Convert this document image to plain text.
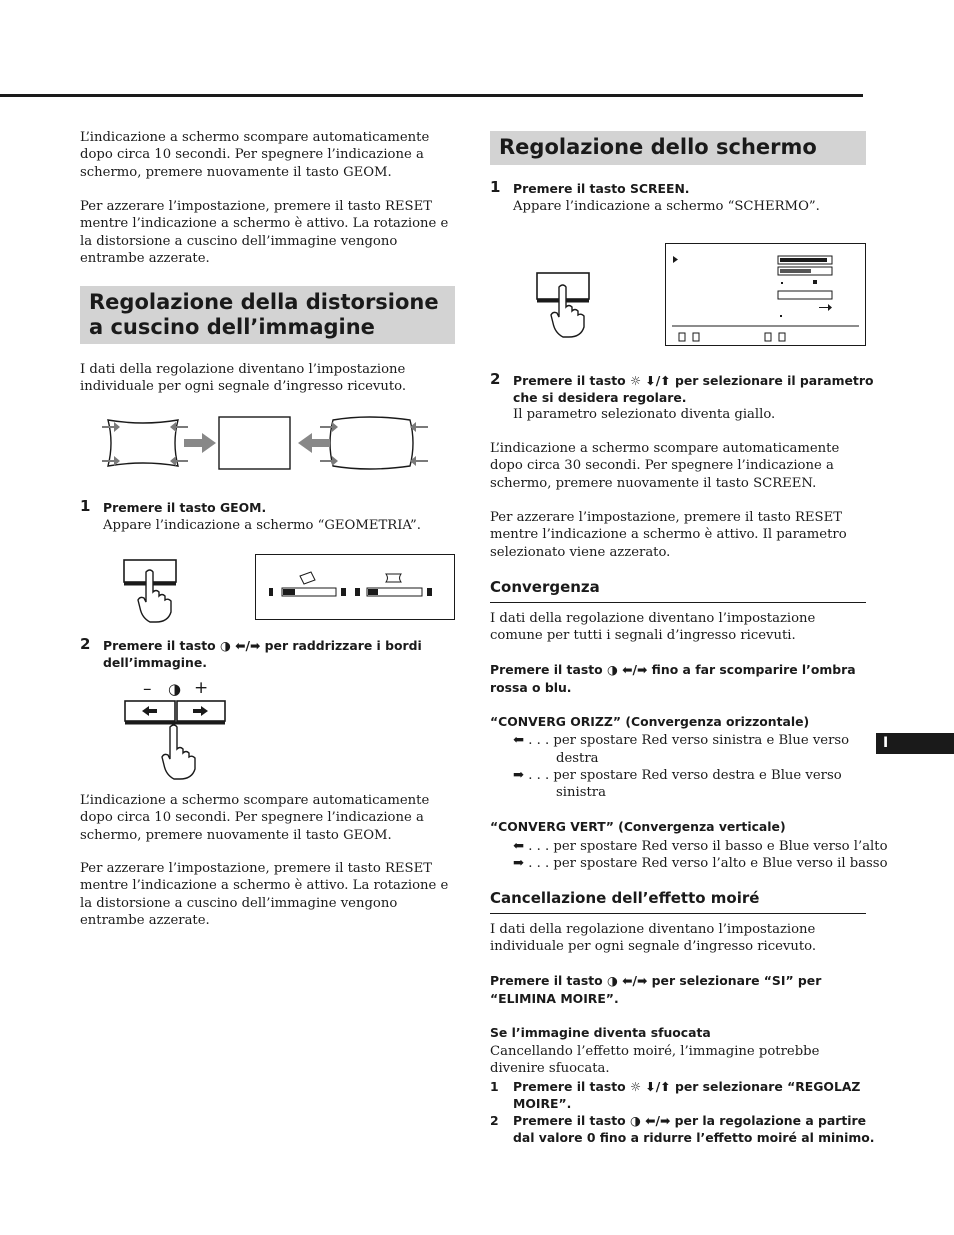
L’indicazione a schermo scompare automaticamente dopo circa 10 secondi. Per spegnere l’indicazione a schermo, premere nuovamente il tasto GEOM.

Per azzerare l’impostazione, premere il tasto RESET mentre l’indicazione a schermo è attivo. La rotazione e la distorsione a cuscino dell’immagine vengono entrambe azzerate.

Regolazione della distorsione
a cuscino dell’immagine

I dati della regolazione diventano l’impostazione individuale per ogni segnale d’ingresso ricevuto.

1 Premere il tasto GEOM.

Appare l’indicazione a schermo “GEOMETRIA”.

2 Premere il tasto ◑ ⬅/➡ per raddrizzare i bordi

dell’immagine.

– ◑ +

L’indicazione a schermo scompare automaticamente dopo circa 10 secondi. Per spegnere l’indicazione a schermo, premere nuovamente il tasto GEOM.

Per azzerare l’impostazione, premere il tasto RESET mentre l’indicazione a schermo è attivo. La rotazione e la distorsione a cuscino dell’immagine vengono entrambe azzerate.

Regolazione dello schermo
1 Premere il tasto SCREEN.

Appare l’indicazione a schermo “SCHERMO”.

2 Premere il tasto ☼ ⬇/⬆ per selezionare il parametro

che si desidera regolare.

Il parametro selezionato diventa giallo.

L’indicazione a schermo scompare automaticamente dopo circa 30 secondi. Per spegnere l’indicazione a schermo, premere nuovamente il tasto SCREEN.

Per azzerare l’impostazione, premere il tasto RESET mentre l’indicazione a schermo è attivo. Il parametro selezionato viene azzerato.

Convergenza

I dati della regolazione diventano l’impostazione comune per tutti i segnali d’ingresso ricevuti.

Premere il tasto ◑ ⬅/➡ fino a far scomparire l’ombra

rossa o blu.

“CONVERG ORIZZ” (Convergenza orizzontale)

⬅ . . . per spostare Red verso sinistra e Blue verso

destra

➡ . . . per spostare Red verso destra e Blue verso

sinistra

“CONVERG VERT” (Convergenza verticale)

⬅ . . . per spostare Red verso il basso e Blue verso l’alto

➡ . . . per spostare Red verso l’alto e Blue verso il basso

Cancellazione dell’effetto moiré

I dati della regolazione diventano l’impostazione individuale per ogni segnale d’ingresso ricevuto.

Premere il tasto ◑ ⬅/➡ per selezionare “SI” per

“ELIMINA MOIRE”.

Se l’immagine diventa sfuocata

Cancellando l’effetto moiré, l’immagine potrebbe divenire sfuocata.

1 Premere il tasto ☼ ⬇/⬆ per selezionare “REGOLAZ

MOIRE”.

2 Premere il tasto ◑ ⬅/➡ per la regolazione a partire

dal valore 0 fino a ridurre l’effetto moiré al minimo.

I
